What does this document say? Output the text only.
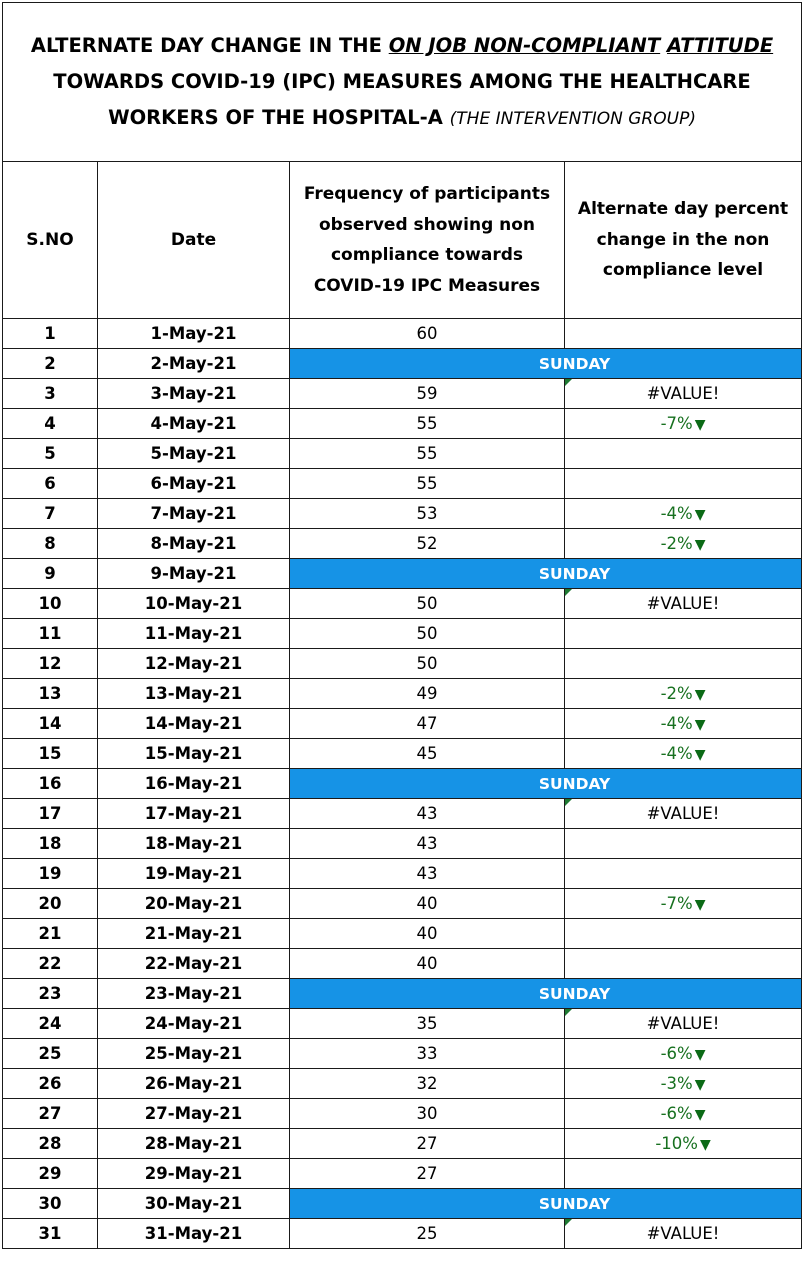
ALTERNATE DAY CHANGE IN THE ON JOB NON-COMPLIANT ATTITUDE TOWARDS COVID-19 (IPC) MEASURES AMONG THE HEALTHCARE WORKERS OF THE HOSPITAL-A (THE INTERVENTION GROUP)			
S.NO	Date	Frequency of participants observed showing non compliance towards COVID-19 IPC Measures	Alternate day percent change in the non compliance level
1	1-May-21	60	
2	2-May-21	SUNDAY	
3	3-May-21	59	#VALUE!
4	4-May-21	55	-7% ▼
5	5-May-21	55	
6	6-May-21	55	
7	7-May-21	53	-4% ▼
8	8-May-21	52	-2% ▼
9	9-May-21	SUNDAY	
10	10-May-21	50	#VALUE!
11	11-May-21	50	
12	12-May-21	50	
13	13-May-21	49	-2% ▼
14	14-May-21	47	-4% ▼
15	15-May-21	45	-4% ▼
16	16-May-21	SUNDAY	
17	17-May-21	43	#VALUE!
18	18-May-21	43	
19	19-May-21	43	
20	20-May-21	40	-7% ▼
21	21-May-21	40	
22	22-May-21	40	
23	23-May-21	SUNDAY	
24	24-May-21	35	#VALUE!
25	25-May-21	33	-6% ▼
26	26-May-21	32	-3% ▼
27	27-May-21	30	-6% ▼
28	28-May-21	27	-10% ▼
29	29-May-21	27	
30	30-May-21	SUNDAY	
31	31-May-21	25	#VALUE!
